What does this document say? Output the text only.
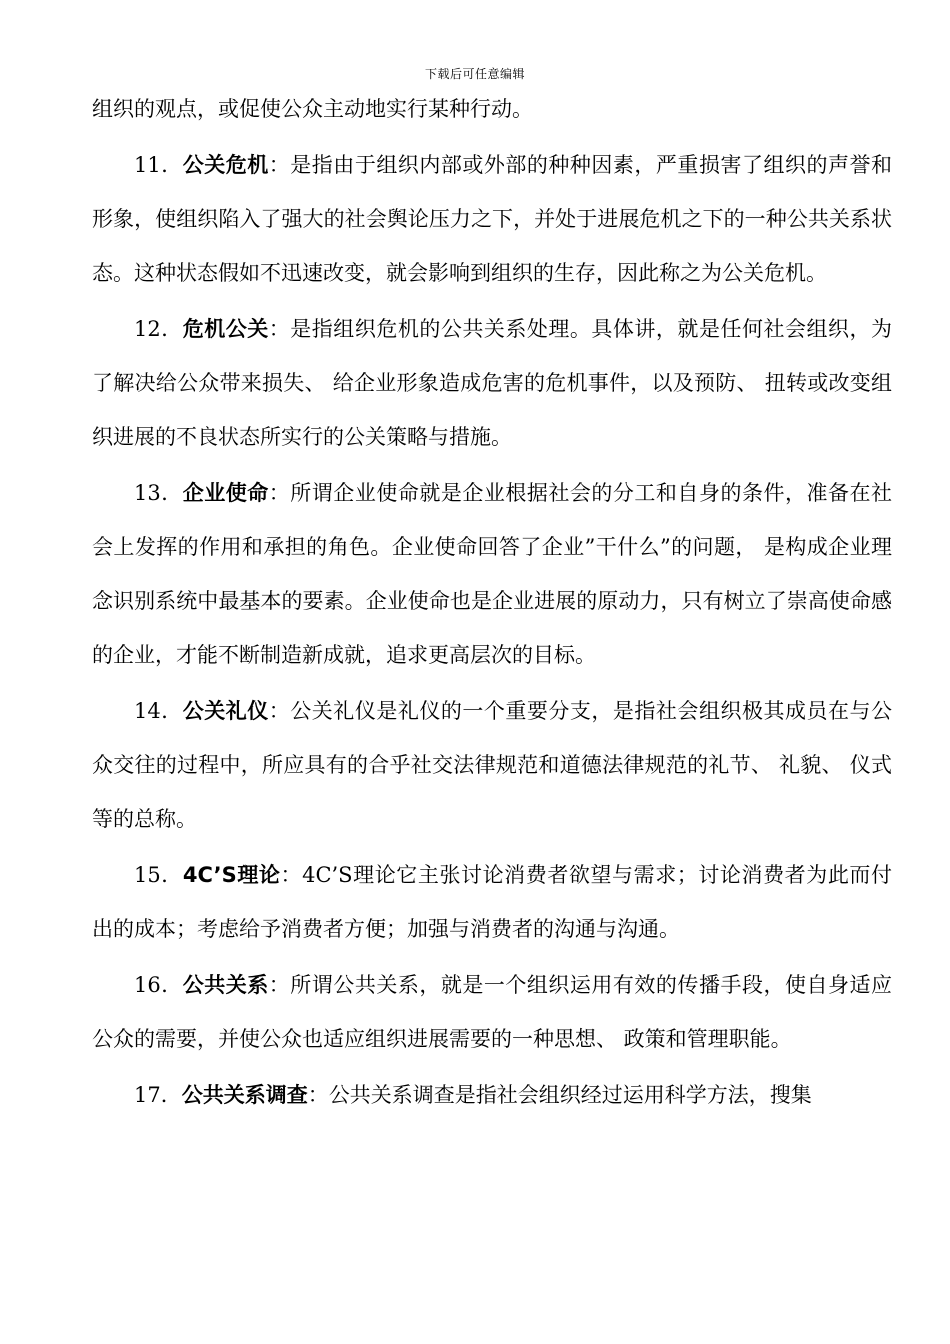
下载后可任意编辑

组织的观点，或促使公众主动地实行某种行动。

11．公关危机：是指由于组织内部或外部的种种因素，严重损害了组织的声誉和形象，使组织陷入了强大的社会舆论压力之下，并处于进展危机之下的一种公共关系状态。这种状态假如不迅速改变，就会影响到组织的生存，因此称之为公关危机。

12．危机公关：是指组织危机的公共关系处理。具体讲，就是任何社会组织，为了解决给公众带来损失、 给企业形象造成危害的危机事件，以及预防、 扭转或改变组织进展的不良状态所实行的公关策略与措施。

13．企业使命：所谓企业使命就是企业根据社会的分工和自身的条件，准备在社会上发挥的作用和承担的角色。企业使命回答了企业”干什么”的问题， 是构成企业理念识别系统中最基本的要素。企业使命也是企业进展的原动力，只有树立了崇高使命感的企业，才能不断制造新成就，追求更高层次的目标。

14．公关礼仪：公关礼仪是礼仪的一个重要分支，是指社会组织极其成员在与公众交往的过程中，所应具有的合乎社交法律规范和道德法律规范的礼节、 礼貌、 仪式等的总称。

15．4C’S理论：4C’S理论它主张讨论消费者欲望与需求；讨论消费者为此而付出的成本；考虑给予消费者方便；加强与消费者的沟通与沟通。

16．公共关系：所谓公共关系，就是一个组织运用有效的传播手段，使自身适应公众的需要，并使公众也适应组织进展需要的一种思想、 政策和管理职能。

17．公共关系调查：公共关系调查是指社会组织经过运用科学方法，搜集
